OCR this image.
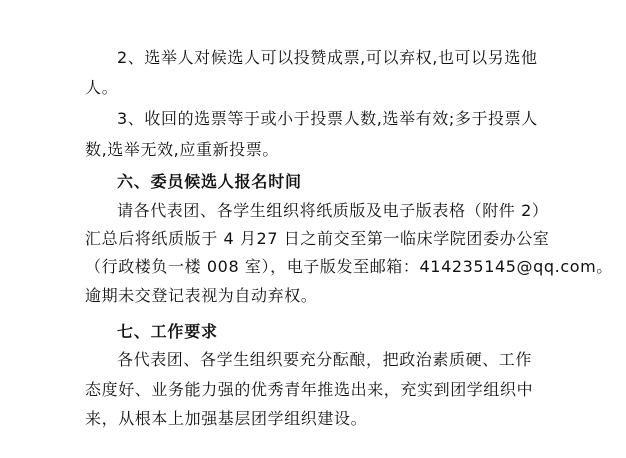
2、选举人对候选人可以投赞成票,可以弃权,也可以另选他
人。
3、收回的选票等于或小于投票人数,选举有效;多于投票人
数,选举无效,应重新投票。
六、委员候选人报名时间
请各代表团、各学生组织将纸质版及电子版表格（附件 2）
汇总后将纸质版于 4 月27 日之前交至第一临床学院团委办公室
（行政楼负一楼 008 室），电子版发至邮箱：414235145@qq.com。
逾期未交登记表视为自动弃权。
七、工作要求
各代表团、各学生组织要充分酝酿，把政治素质硬、工作
态度好、业务能力强的优秀青年推选出来，充实到团学组织中
来，从根本上加强基层团学组织建设。
